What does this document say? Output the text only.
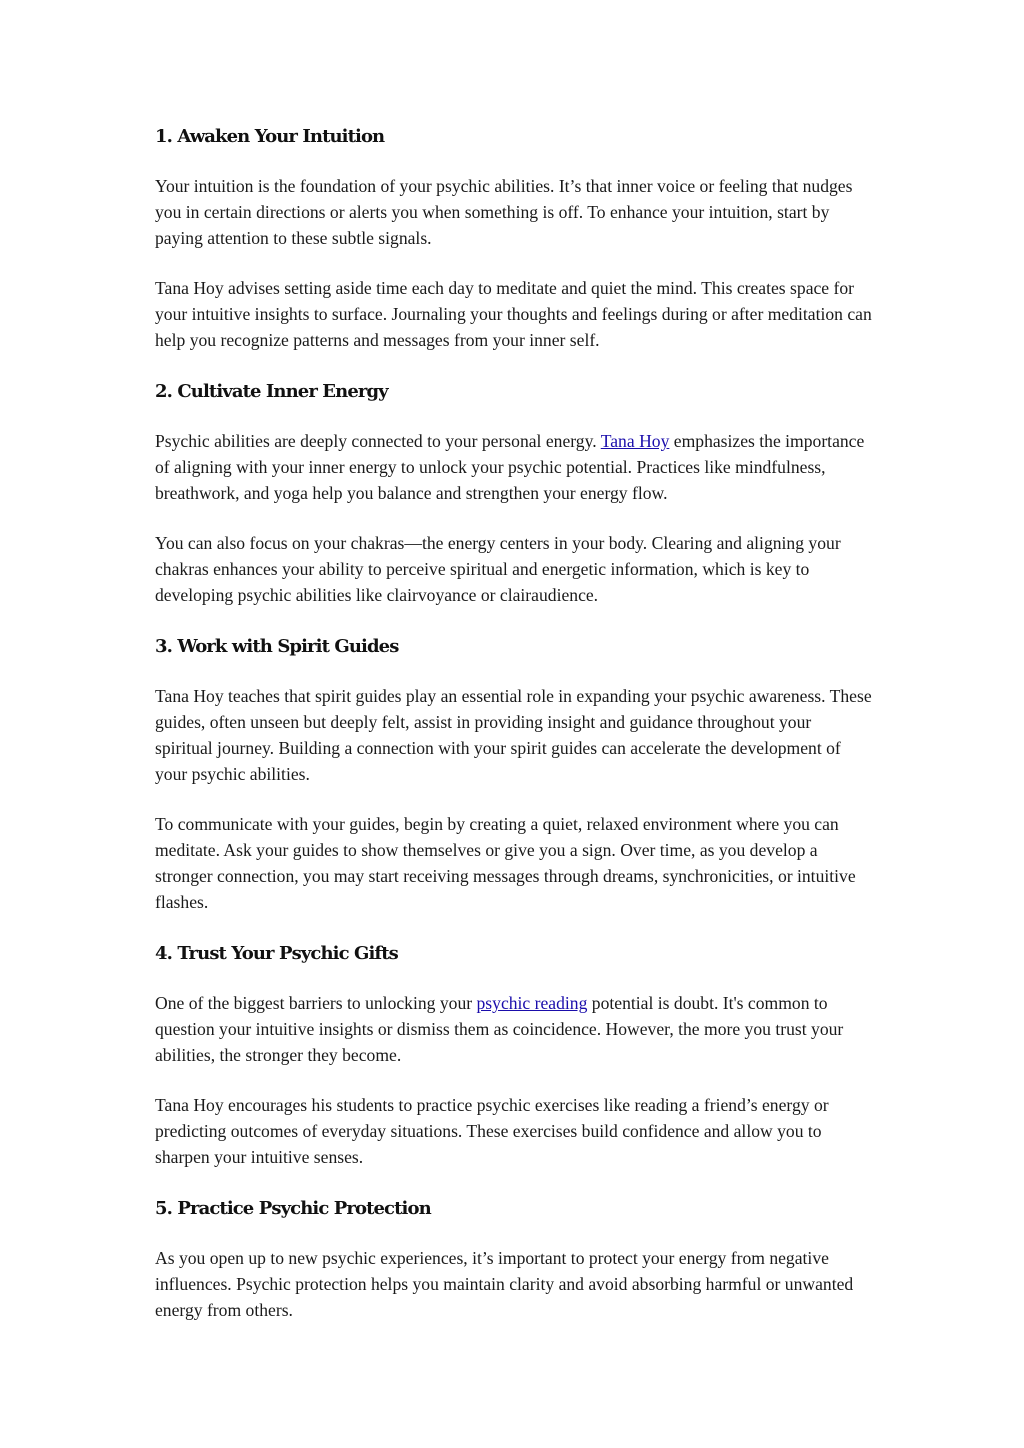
1. Awaken Your Intuition

Your intuition is the foundation of your psychic abilities. It’s that inner voice or feeling that nudges you in certain directions or alerts you when something is off. To enhance your intuition, start by paying attention to these subtle signals.

Tana Hoy advises setting aside time each day to meditate and quiet the mind. This creates space for your intuitive insights to surface. Journaling your thoughts and feelings during or after meditation can help you recognize patterns and messages from your inner self.

2. Cultivate Inner Energy

Psychic abilities are deeply connected to your personal energy. Tana Hoy emphasizes the importance of aligning with your inner energy to unlock your psychic potential. Practices like mindfulness, breathwork, and yoga help you balance and strengthen your energy flow.

You can also focus on your chakras—the energy centers in your body. Clearing and aligning your chakras enhances your ability to perceive spiritual and energetic information, which is key to developing psychic abilities like clairvoyance or clairaudience.

3. Work with Spirit Guides

Tana Hoy teaches that spirit guides play an essential role in expanding your psychic awareness. These guides, often unseen but deeply felt, assist in providing insight and guidance throughout your spiritual journey. Building a connection with your spirit guides can accelerate the development of your psychic abilities.

To communicate with your guides, begin by creating a quiet, relaxed environment where you can meditate. Ask your guides to show themselves or give you a sign. Over time, as you develop a stronger connection, you may start receiving messages through dreams, synchronicities, or intuitive flashes.

4. Trust Your Psychic Gifts

One of the biggest barriers to unlocking your psychic reading potential is doubt. It's common to question your intuitive insights or dismiss them as coincidence. However, the more you trust your abilities, the stronger they become.

Tana Hoy encourages his students to practice psychic exercises like reading a friend’s energy or predicting outcomes of everyday situations. These exercises build confidence and allow you to sharpen your intuitive senses.

5. Practice Psychic Protection

As you open up to new psychic experiences, it’s important to protect your energy from negative influences. Psychic protection helps you maintain clarity and avoid absorbing harmful or unwanted energy from others.
